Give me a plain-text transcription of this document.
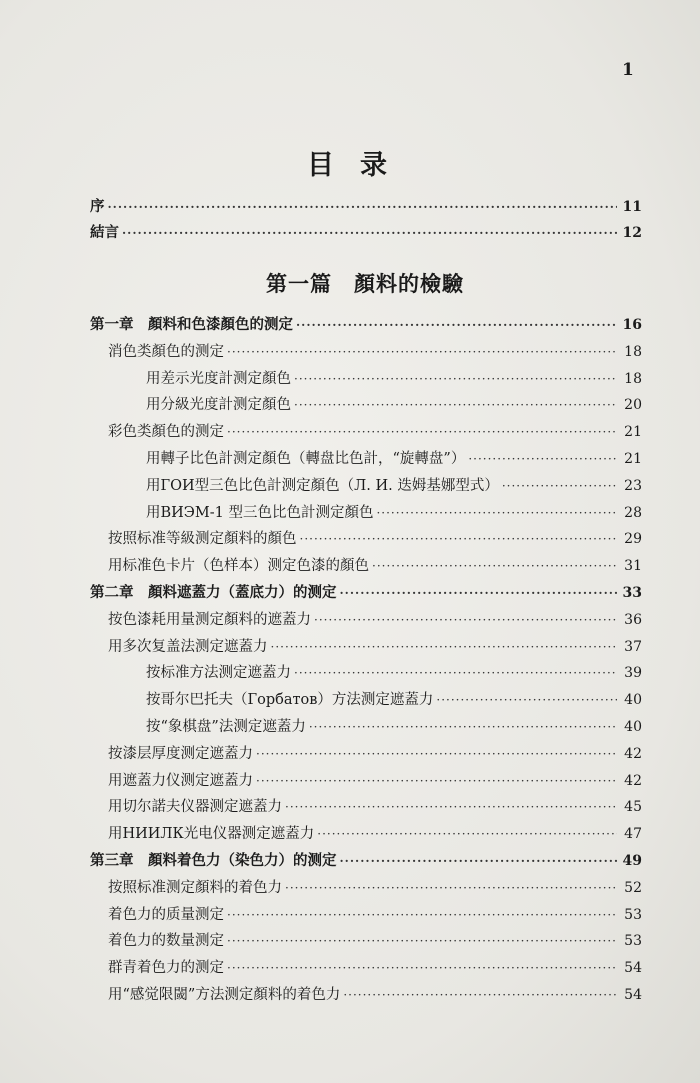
1
目录
序 ·····	11
結言 ·····	12
第一篇　顏料的檢驗
第一章　顏料和色漆顏色的测定 ·····	16
消色类顏色的测定 ·····	18
用差示光度計测定顏色 ·····	18
用分級光度計测定顏色 ·····	20
彩色类顏色的测定 ·····	21
用轉子比色計测定顏色（轉盘比色計，“旋轉盘”） ·····	21
用ГОИ型三色比色計测定顏色（Л. И. 迭姆基娜型式） ·····	23
用ВИЭМ-1 型三色比色計测定顏色 ·····	28
按照标准等級测定顏料的顏色 ·····	29
用标准色卡片（色样本）测定色漆的顏色 ·····	31
第二章　顏料遮蓋力（蓋底力）的测定 ·····	33
按色漆耗用量测定顏料的遮蓋力 ·····	36
用多次复盖法测定遮蓋力 ·····	37
按标准方法测定遮蓋力 ·····	39
按哥尔巴托夫（Горбатов）方法测定遮蓋力 ·····	40
按“象棋盘”法测定遮蓋力 ·····	40
按漆层厚度测定遮蓋力 ·····	42
用遮蓋力仪测定遮蓋力 ·····	42
用切尔諾夫仪器测定遮蓋力 ·····	45
用НИИЛК光电仪器测定遮蓋力 ·····	47
第三章　顏料着色力（染色力）的测定 ·····	49
按照标准测定顏料的着色力 ·····	52
着色力的质量测定 ·····	53
着色力的数量测定 ·····	53
群青着色力的测定 ·····	54
用“感觉限閾”方法测定顏料的着色力 ·····	54
